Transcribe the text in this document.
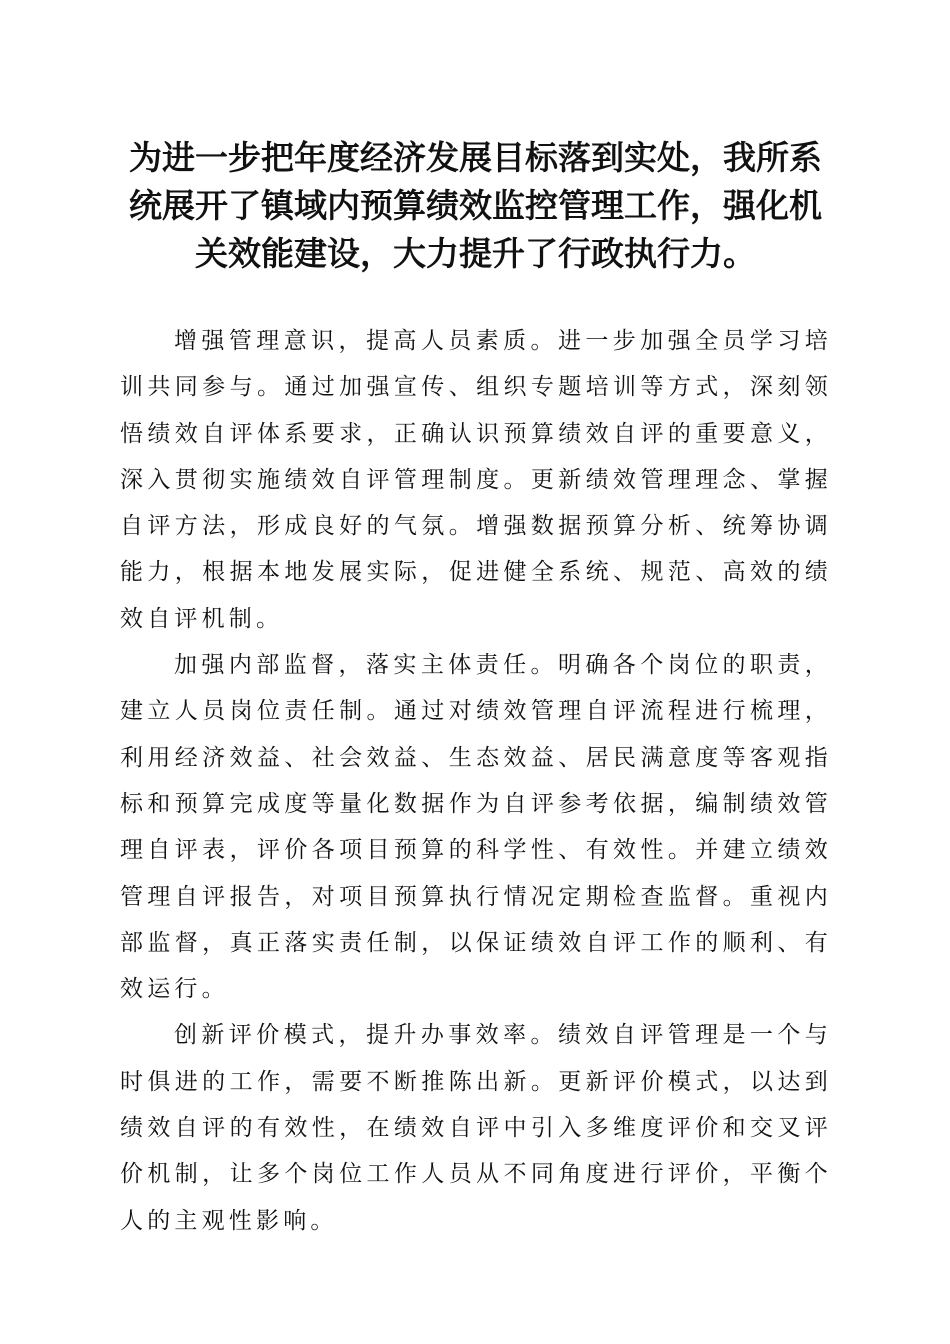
为进一步把年度经济发展目标落到实处，我所系统展开了镇域内预算绩效监控管理工作，强化机关效能建设，大力提升了行政执行力。

增强管理意识，提高人员素质。进一步加强全员学习培训共同参与。通过加强宣传、组织专题培训等方式，深刻领悟绩效自评体系要求，正确认识预算绩效自评的重要意义，深入贯彻实施绩效自评管理制度。更新绩效管理理念、掌握自评方法，形成良好的气氛。增强数据预算分析、统筹协调能力，根据本地发展实际，促进健全系统、规范、高效的绩效自评机制。

加强内部监督，落实主体责任。明确各个岗位的职责，建立人员岗位责任制。通过对绩效管理自评流程进行梳理，利用经济效益、社会效益、生态效益、居民满意度等客观指标和预算完成度等量化数据作为自评参考依据，编制绩效管理自评表，评价各项目预算的科学性、有效性。并建立绩效管理自评报告，对项目预算执行情况定期检查监督。重视内部监督，真正落实责任制，以保证绩效自评工作的顺利、有效运行。

创新评价模式，提升办事效率。绩效自评管理是一个与时俱进的工作，需要不断推陈出新。更新评价模式，以达到绩效自评的有效性，在绩效自评中引入多维度评价和交叉评价机制，让多个岗位工作人员从不同角度进行评价，平衡个人的主观性影响。
